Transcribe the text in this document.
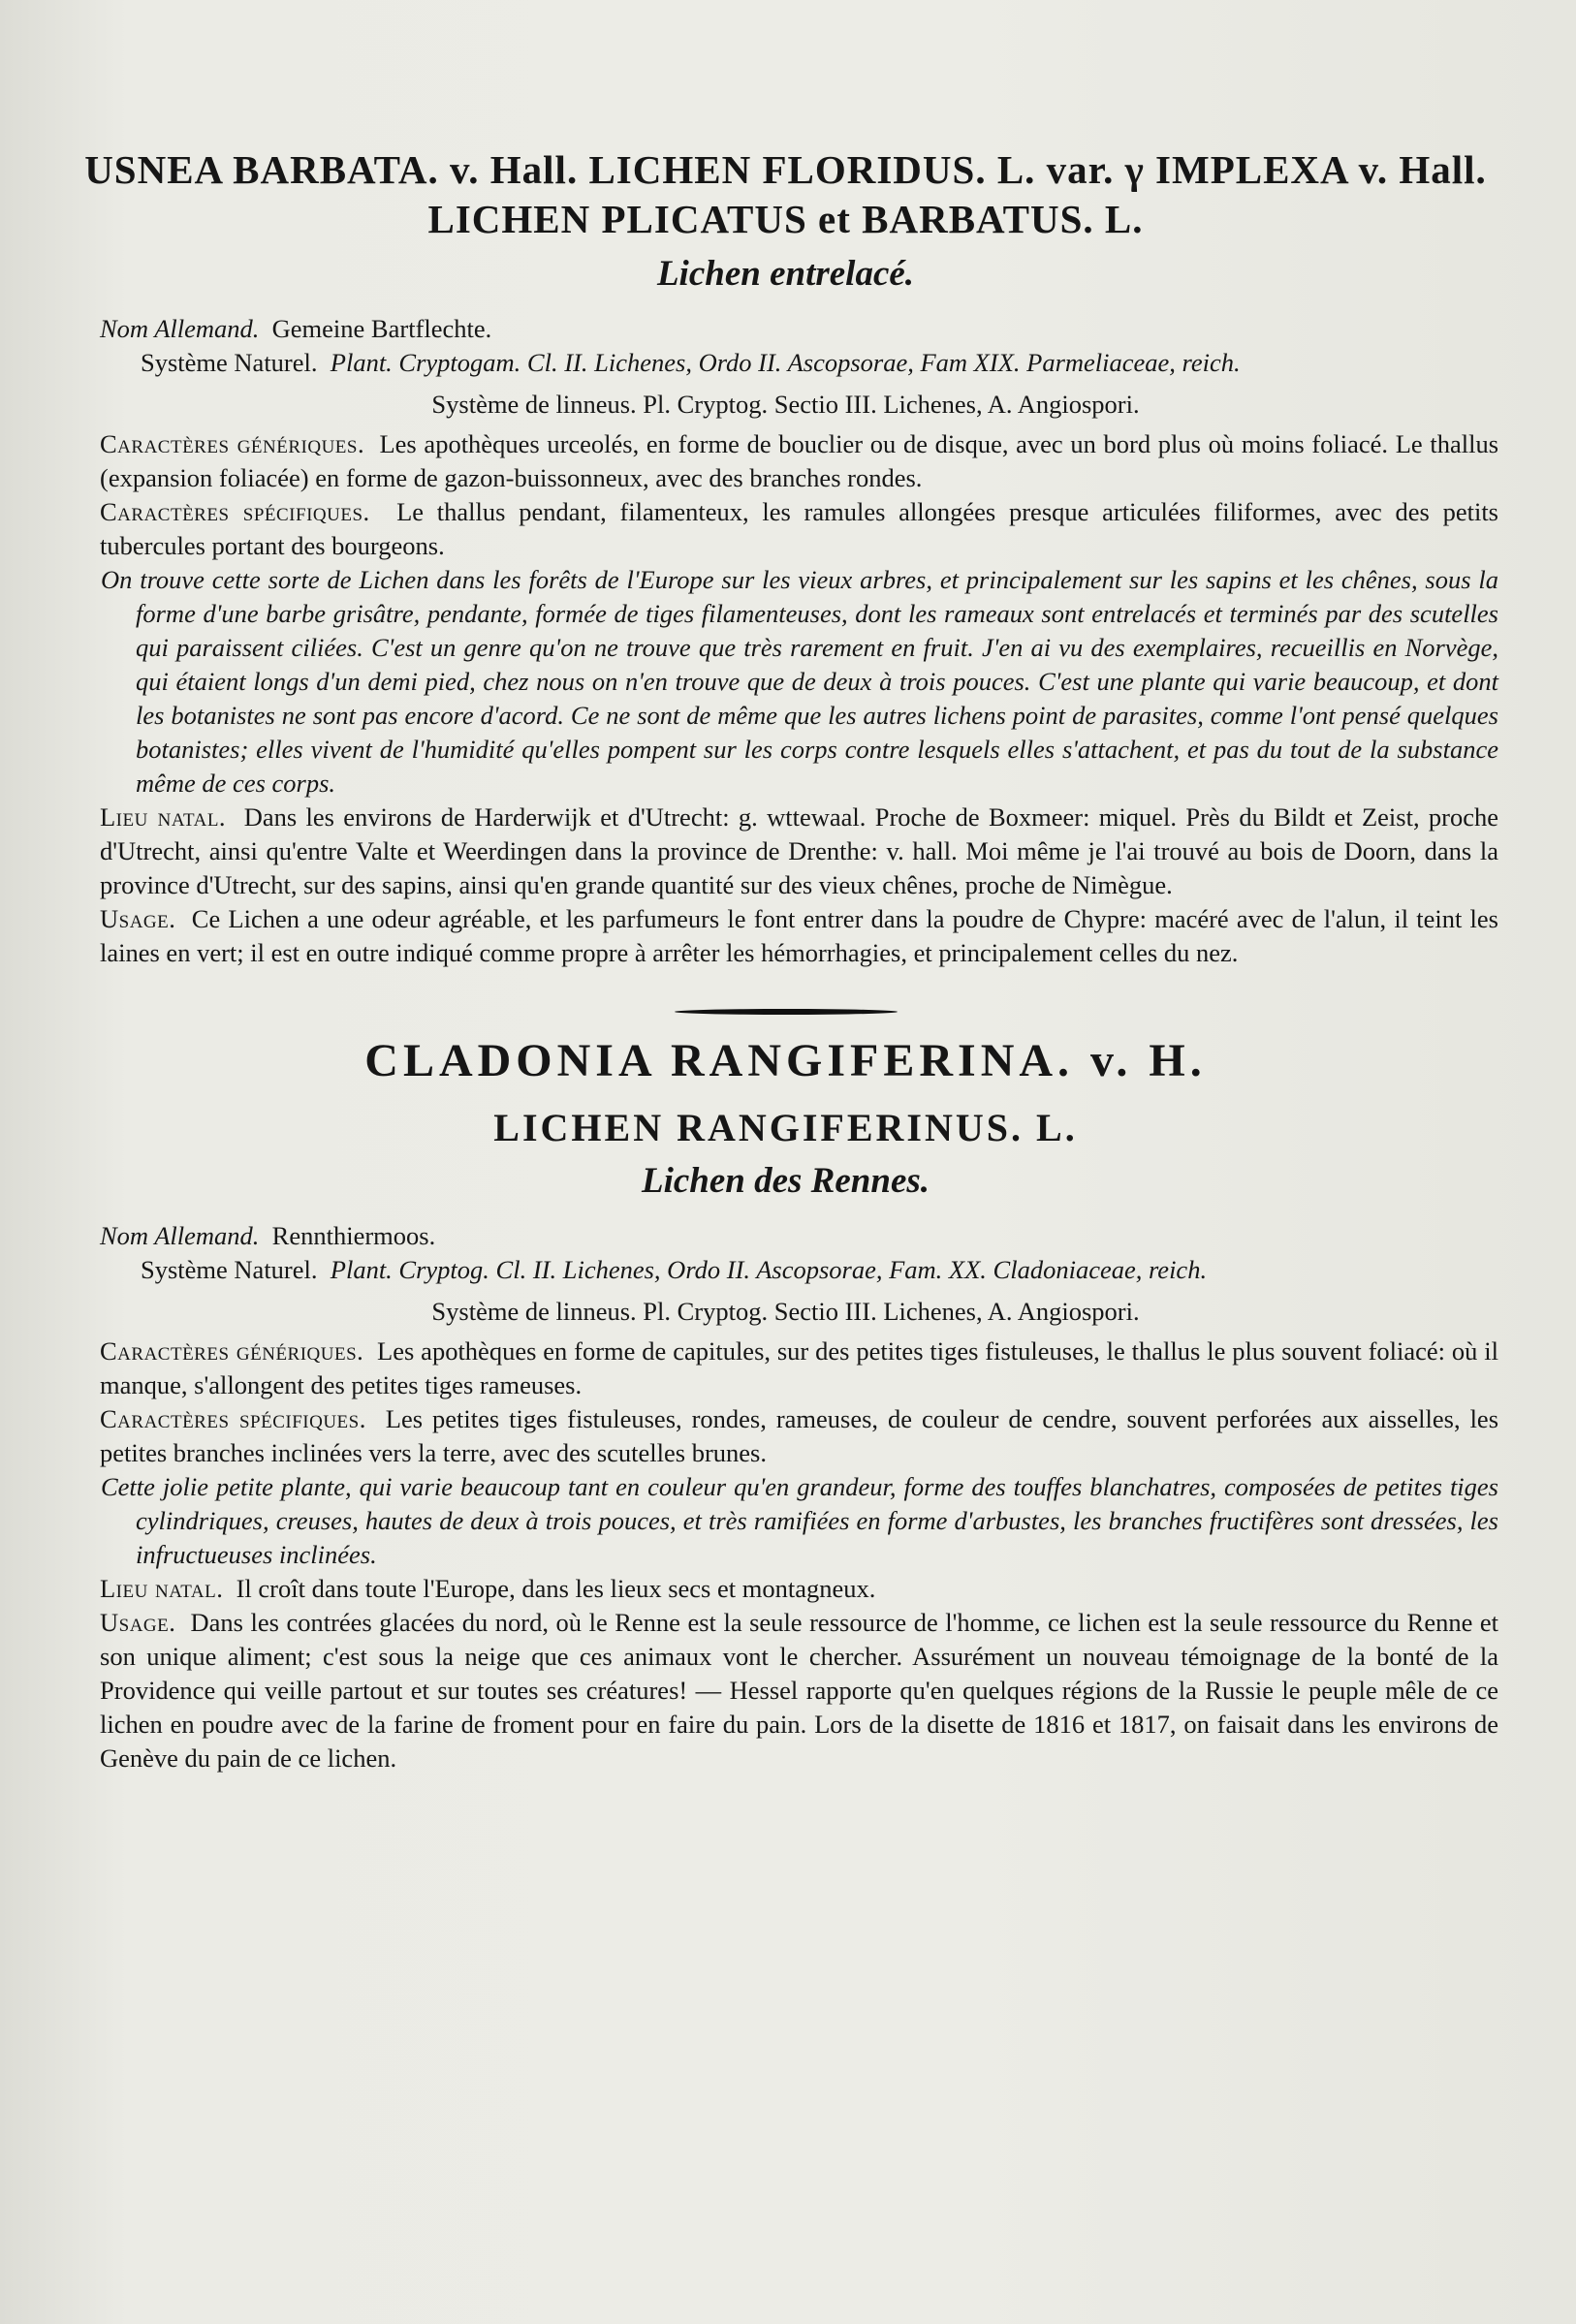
USNEA BARBATA. v. Hall. LICHEN FLORIDUS. L. var. γ IMPLEXA v. Hall.
LICHEN PLICATUS et BARBATUS. L.
Lichen entrelacé.

Nom Allemand. Gemeine Bartflechte.

Système Naturel. Plant. Cryptogam. Cl. II. Lichenes, Ordo II. Ascopsorae, Fam XIX. Parmeliaceae, reich.

Système de linneus. Pl. Cryptog. Sectio III. Lichenes, A. Angiospori.

Caractères génériques. Les apothèques urceolés, en forme de bouclier ou de disque, avec un bord plus où moins foliacé. Le thallus (expansion foliacée) en forme de gazon-buissonneux, avec des branches rondes.

Caractères spécifiques. Le thallus pendant, filamenteux, les ramules allongées presque articulées filiformes, avec des petits tubercules portant des bourgeons.

On trouve cette sorte de Lichen dans les forêts de l'Europe sur les vieux arbres, et principalement sur les sapins et les chênes, sous la forme d'une barbe grisâtre, pendante, formée de tiges filamenteuses, dont les rameaux sont entrelacés et terminés par des scutelles qui paraissent ciliées. C'est un genre qu'on ne trouve que très rarement en fruit. J'en ai vu des exemplaires, recueillis en Norvège, qui étaient longs d'un demi pied, chez nous on n'en trouve que de deux à trois pouces. C'est une plante qui varie beaucoup, et dont les botanistes ne sont pas encore d'acord. Ce ne sont de même que les autres lichens point de parasites, comme l'ont pensé quelques botanistes; elles vivent de l'humidité qu'elles pompent sur les corps contre lesquels elles s'attachent, et pas du tout de la substance même de ces corps.

Lieu natal. Dans les environs de Harderwijk et d'Utrecht: g. wttewaal. Proche de Boxmeer: miquel. Près du Bildt et Zeist, proche d'Utrecht, ainsi qu'entre Valte et Weerdingen dans la province de Drenthe: v. hall. Moi même je l'ai trouvé au bois de Doorn, dans la province d'Utrecht, sur des sapins, ainsi qu'en grande quantité sur des vieux chênes, proche de Nimègue.

Usage. Ce Lichen a une odeur agréable, et les parfumeurs le font entrer dans la poudre de Chypre: macéré avec de l'alun, il teint les laines en vert; il est en outre indiqué comme propre à arrêter les hémorrhagies, et principalement celles du nez.

CLADONIA RANGIFERINA. v. H.
LICHEN RANGIFERINUS. L.
Lichen des Rennes.

Nom Allemand. Rennthiermoos.

Système Naturel. Plant. Cryptog. Cl. II. Lichenes, Ordo II. Ascopsorae, Fam. XX. Cladoniaceae, reich.

Système de linneus. Pl. Cryptog. Sectio III. Lichenes, A. Angiospori.

Caractères génériques. Les apothèques en forme de capitules, sur des petites tiges fistuleuses, le thallus le plus souvent foliacé: où il manque, s'allongent des petites tiges rameuses.

Caractères spécifiques. Les petites tiges fistuleuses, rondes, rameuses, de couleur de cendre, souvent perforées aux aisselles, les petites branches inclinées vers la terre, avec des scutelles brunes.

Cette jolie petite plante, qui varie beaucoup tant en couleur qu'en grandeur, forme des touffes blanchatres, composées de petites tiges cylindriques, creuses, hautes de deux à trois pouces, et très ramifiées en forme d'arbustes, les branches fructifères sont dressées, les infructueuses inclinées.

Lieu natal. Il croît dans toute l'Europe, dans les lieux secs et montagneux.

Usage. Dans les contrées glacées du nord, où le Renne est la seule ressource de l'homme, ce lichen est la seule ressource du Renne et son unique aliment; c'est sous la neige que ces animaux vont le chercher. Assurément un nouveau témoignage de la bonté de la Providence qui veille partout et sur toutes ses créatures! — Hessel rapporte qu'en quelques régions de la Russie le peuple mêle de ce lichen en poudre avec de la farine de froment pour en faire du pain. Lors de la disette de 1816 et 1817, on faisait dans les environs de Genève du pain de ce lichen.
